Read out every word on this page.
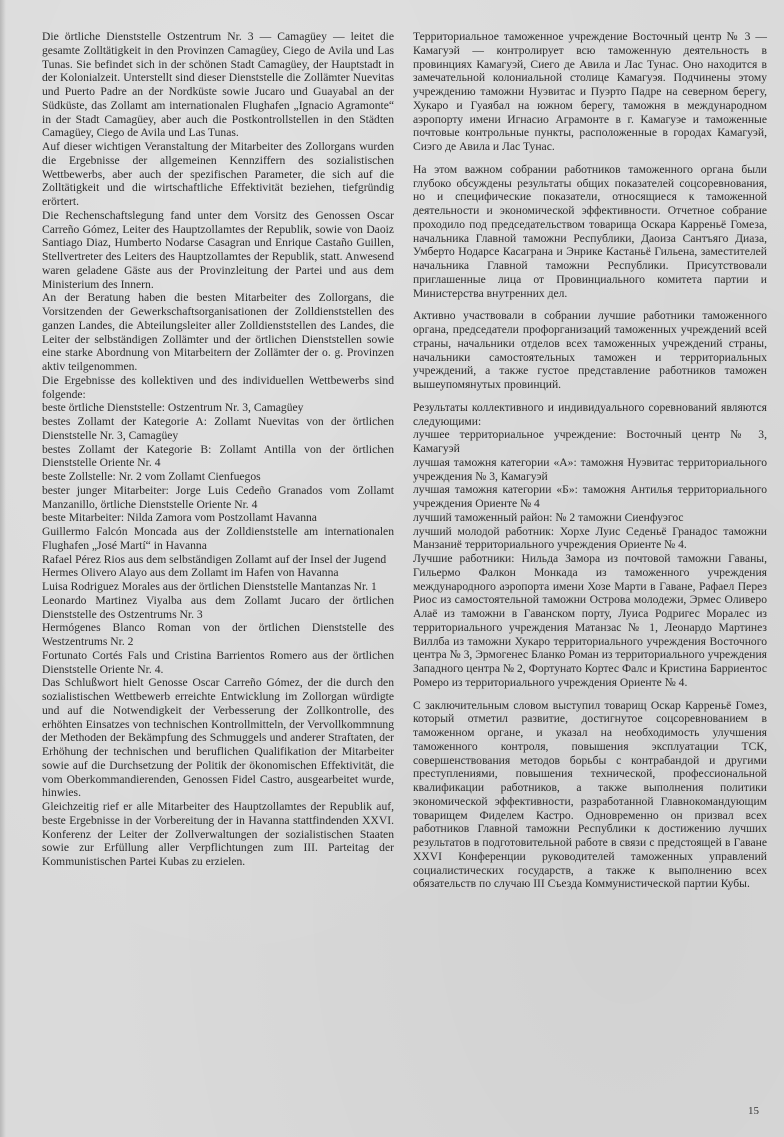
Die örtliche Dienststelle Ostzentrum Nr. 3 — Camagüey — leitet die gesamte Zolltätigkeit in den Provinzen Camagüey, Ciego de Avila und Las Tunas. Sie befindet sich in der schönen Stadt Camagüey, der Hauptstadt in der Kolonialzeit. Unterstellt sind dieser Dienststelle die Zollämter Nuevitas und Puerto Padre an der Nordküste sowie Jucaro und Guayabal an der Südküste, das Zollamt am internationalen Flughafen „Ignacio Agramonte“ in der Stadt Camagüey, aber auch die Postkontrollstellen in den Städten Camagüey, Ciego de Avila und Las Tunas.

Auf dieser wichtigen Veranstaltung der Mitarbeiter des Zollorgans wurden die Ergebnisse der allgemeinen Kennziffern des sozialistischen Wettbewerbs, aber auch der spezifischen Parameter, die sich auf die Zolltätigkeit und die wirtschaftliche Effektivität beziehen, tiefgründig erörtert.

Die Rechenschaftslegung fand unter dem Vorsitz des Genossen Oscar Carreño Gómez, Leiter des Hauptzollamtes der Republik, sowie von Daoiz Santiago Diaz, Humberto Nodarse Casagran und Enrique Castaño Guillen, Stellvertreter des Leiters des Hauptzollamtes der Republik, statt. Anwesend waren geladene Gäste aus der Provinzleitung der Partei und aus dem Ministerium des Innern.

An der Beratung haben die besten Mitarbeiter des Zollorgans, die Vorsitzenden der Gewerkschaftsorganisationen der Zolldienststellen des ganzen Landes, die Abteilungsleiter aller Zolldienststellen des Landes, die Leiter der selbständigen Zollämter und der örtlichen Dienststellen sowie eine starke Abordnung von Mitarbeitern der Zollämter der o. g. Provinzen aktiv teilgenommen.

Die Ergebnisse des kollektiven und des individuellen Wettbewerbs sind folgende:

beste örtliche Dienststelle: Ostzentrum Nr. 3, Camagüey

bestes Zollamt der Kategorie A: Zollamt Nuevitas von der örtlichen Dienststelle Nr. 3, Camagüey

bestes Zollamt der Kategorie B: Zollamt Antilla von der örtlichen Dienststelle Oriente Nr. 4

beste Zollstelle: Nr. 2 vom Zollamt Cienfuegos

bester junger Mitarbeiter: Jorge Luis Cedeño Granados vom Zollamt Manzanillo, örtliche Dienststelle Oriente Nr. 4

beste Mitarbeiter: Nilda Zamora vom Postzollamt Havanna

Guillermo Falcón Moncada aus der Zolldienststelle am internationalen Flughafen „José Martí“ in Havanna

Rafael Pérez Rios aus dem selbständigen Zollamt auf der Insel der Jugend

Hermes Olivero Alayo aus dem Zollamt im Hafen von Havanna

Luisa Rodriguez Morales aus der örtlichen Dienststelle Mantanzas Nr. 1

Leonardo Martinez Viyalba aus dem Zollamt Jucaro der örtlichen Dienststelle des Ostzentrums Nr. 3

Hermógenes Blanco Roman von der örtlichen Dienststelle des Westzentrums Nr. 2

Fortunato Cortés Fals und Cristina Barrientos Romero aus der örtlichen Dienststelle Oriente Nr. 4.

Das Schlußwort hielt Genosse Oscar Carreño Gómez, der die durch den sozialistischen Wettbewerb erreichte Entwicklung im Zollorgan würdigte und auf die Notwendigkeit der Verbesserung der Zollkontrolle, des erhöhten Einsatzes von technischen Kontrollmitteln, der Vervollkommnung der Methoden der Bekämpfung des Schmuggels und anderer Straftaten, der Erhöhung der technischen und beruflichen Qualifikation der Mitarbeiter sowie auf die Durchsetzung der Politik der ökonomischen Effektivität, die vom Oberkommandierenden, Genossen Fidel Castro, ausgearbeitet wurde, hinwies.

Gleichzeitig rief er alle Mitarbeiter des Hauptzollamtes der Republik auf, beste Ergebnisse in der Vorbereitung der in Havanna stattfindenden XXVI. Konferenz der Leiter der Zollverwaltungen der sozialistischen Staaten sowie zur Erfüllung aller Verpflichtungen zum III. Parteitag der Kommunistischen Partei Kubas zu erzielen.

Территориальное таможенное учреждение Восточный центр № 3 — Камагуэй — контролирует всю таможенную деятельность в провинциях Камагуэй, Сиего де Авила и Лас Тунас. Оно находится в замечательной колониальной столице Камагуэя. Подчинены этому учреждению таможни Нуэвитас и Пуэрто Падре на северном берегу, Хукаро и Гуаябал на южном берегу, таможня в международном аэропорту имени Игнасио Аграмонте в г. Камагуэе и таможенные почтовые контрольные пункты, расположенные в городах Камагуэй, Сиэго де Авила и Лас Тунас.

На этом важном собрании работников таможенного органа были глубоко обсуждены результаты общих показателей соцсоревнования, но и специфические показатели, относящиеся к таможенной деятельности и экономической эффективности. Отчетное собрание проходило под председательством товарища Оскара Карреньё Гомеза, начальника Главной таможни Республики, Даоиза Сантъяго Диаза, Умберто Нодарсе Касаграна и Энрике Кастаньё Гильена, заместителей начальника Главной таможни Республики. Присутствовали приглашенные лица от Провинциального комитета партии и Министерства внутренних дел.

Активно участвовали в собрании лучшие работники таможенного органа, председатели профорганизаций таможенных учреждений всей страны, начальники отделов всех таможенных учреждений страны, начальники самостоятельных таможен и территориальных учреждений, а также густое представление работников таможен вышеупомянутых провинций.

Результаты коллективного и индивидуального соревнований являются следующими:

лучшее территориальное учреждение: Восточный центр № 3, Камагуэй

лучшая таможня категории «А»: таможня Нуэвитас территориального учреждения № 3, Камагуэй

лучшая таможня категории «Б»: таможня Антилья территориального учреждения Ориенте № 4

лучший таможенный район: № 2 таможни Сиенфуэгос

лучший молодой работник: Хорхе Луис Седеньё Гранадос таможни Манзаниё территориального учреждения Ориенте № 4.

Лучшие работники: Нильда Замора из почтовой таможни Гаваны, Гильермо Фалкон Монкада из таможенного учреждения международного аэропорта имени Хозе Марти в Гаване, Рафаел Перез Риос из самостоятельной таможни Острова молодежи, Эрмес Оливеро Алаё из таможни в Гаванском порту, Луиса Родригес Моралес из территориального учреждения Матанзас № 1, Леонардо Мартинез Виллба из таможни Хукаро территориального учреждения Восточного центра № 3, Эрмогенес Бланко Роман из территориального учреждения Западного центра № 2, Фортунато Кортес Фалс и Кристина Барриентос Ромеро из территориального учреждения Ориенте № 4.

С заключительным словом выступил товарищ Оскар Карреньё Гомез, который отметил развитие, достигнутое соцсоревнованием в таможенном органе, и указал на необходимость улучшения таможенного контроля, повышения эксплуатации ТСК, совершенствования методов борьбы с контрабандой и другими преступлениями, повышения технической, профессиональной квалификации работников, а также выполнения политики экономической эффективности, разработанной Главнокомандующим товарищем Фиделем Кастро. Одновременно он призвал всех работников Главной таможни Республики к достижению лучших результатов в подготовительной работе в связи с предстоящей в Гаване XXVI Конференции руководителей таможенных управлений социалистических государств, а также к выполнению всех обязательств по случаю III Съезда Коммунистической партии Кубы.

15
